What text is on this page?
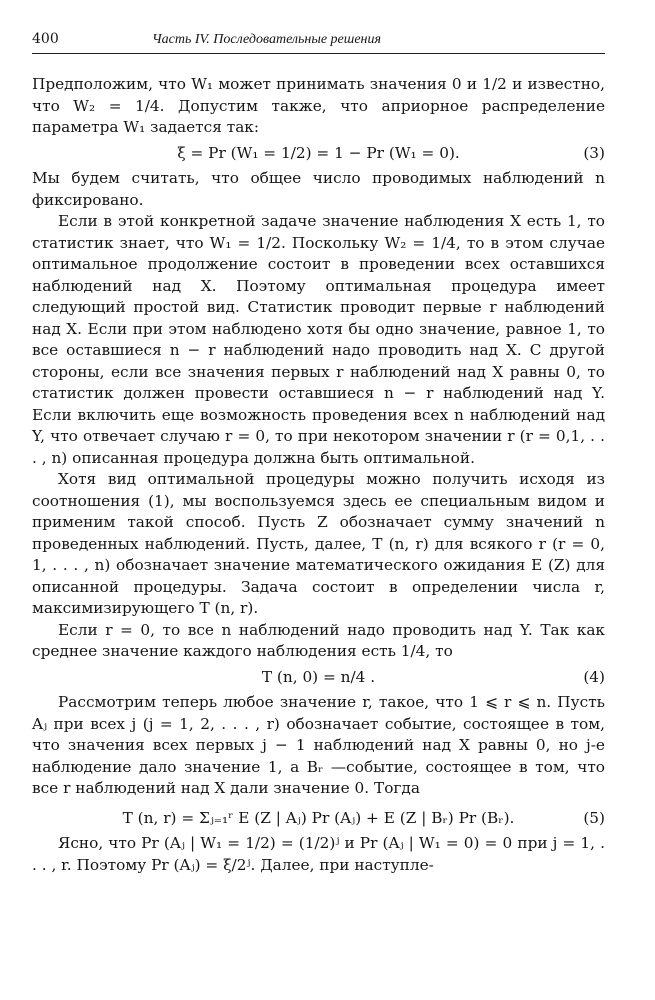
400	Часть IV. Последовательные решения

Предположим, что W₁ может принимать значения 0 и 1/2 и известно, что W₂ = 1/4. Допустим также, что априорное распределение параметра W₁ задается так:

ξ = Pr (W₁ = 1/2) = 1 − Pr (W₁ = 0).	(3)

Мы будем считать, что общее число проводимых наблюдений n фиксировано.

Если в этой конкретной задаче значение наблюдения X есть 1, то статистик знает, что W₁ = 1/2. Поскольку W₂ = 1/4, то в этом случае оптимальное продолжение состоит в проведении всех оставшихся наблюдений над X. Поэтому оптимальная процедура имеет следующий простой вид. Статистик проводит первые r наблюдений над X. Если при этом наблюдено хотя бы одно значение, равное 1, то все оставшиеся n − r наблюдений надо проводить над X. С другой стороны, если все значения первых r наблюдений над X равны 0, то статистик должен провести оставшиеся n − r наблюдений над Y. Если включить еще возможность проведения всех n наблюдений над Y, что отвечает случаю r = 0, то при некотором значении r (r = 0,1, . . . , n) описанная процедура должна быть оптимальной.

Хотя вид оптимальной процедуры можно получить исходя из соотношения (1), мы воспользуемся здесь ее специальным видом и применим такой способ. Пусть Z обозначает сумму значений n проведенных наблюдений. Пусть, далее, T (n, r) для всякого r (r = 0, 1, . . . , n) обозначает значение математического ожидания E (Z) для описанной процедуры. Задача состоит в определении числа r, максимизирующего T (n, r).

Если r = 0, то все n наблюдений надо проводить над Y. Так как среднее значение каждого наблюдения есть 1/4, то

T (n, 0) = n/4 .	(4)

Рассмотрим теперь любое значение r, такое, что 1 ⩽ r ⩽ n. Пусть Aⱼ при всех j (j = 1, 2, . . . , r) обозначает событие, состоящее в том, что значения всех первых j − 1 наблюдений над X равны 0, но j-е наблюдение дало значение 1, а Bᵣ —событие, состоящее в том, что все r наблюдений над X дали значение 0. Тогда

T (n, r) = Σⱼ₌₁ʳ E (Z | Aⱼ) Pr (Aⱼ) + E (Z | Bᵣ) Pr (Bᵣ).	(5)

Ясно, что Pr (Aⱼ | W₁ = 1/2) = (1/2)ʲ и Pr (Aⱼ | W₁ = 0) = 0 при j = 1, . . . , r. Поэтому Pr (Aⱼ) = ξ/2ʲ. Далее, при наступле-
